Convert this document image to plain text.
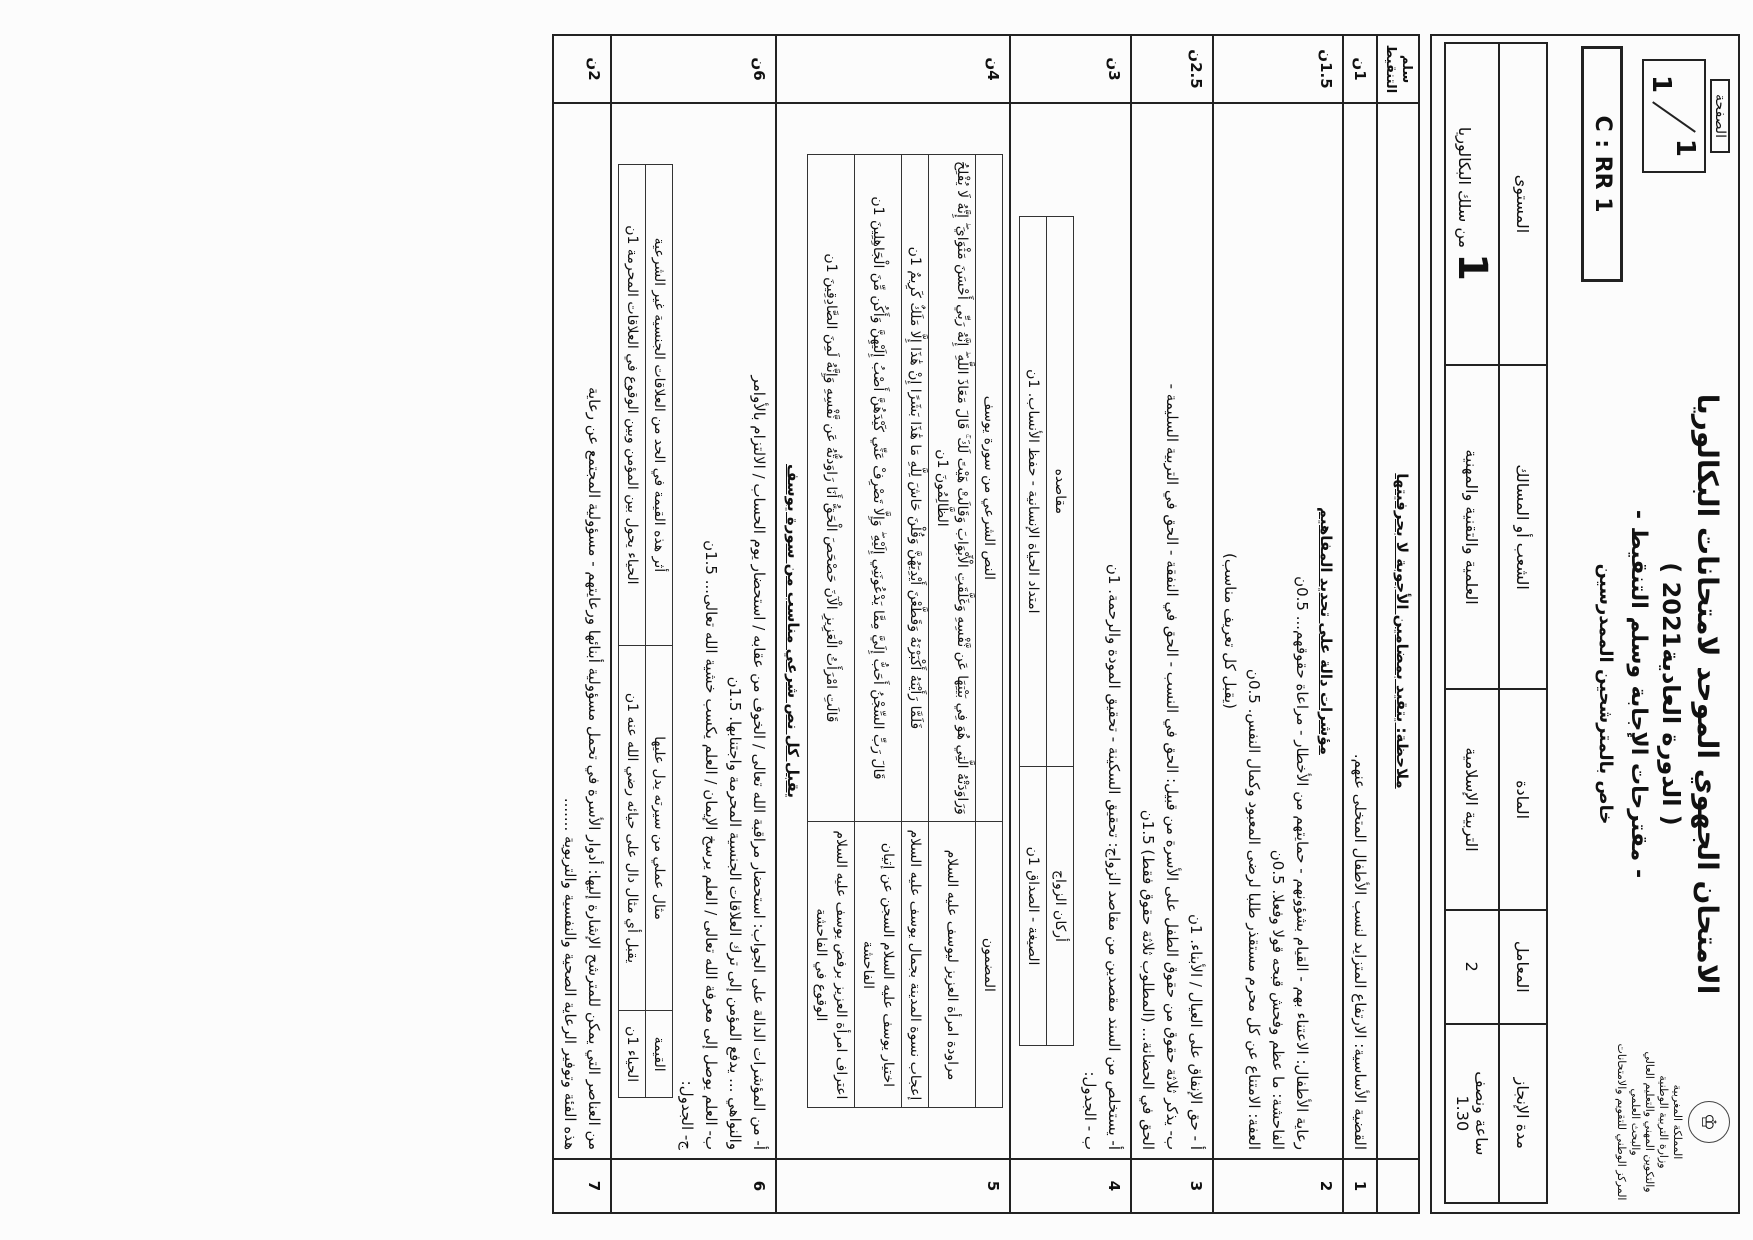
♔
المملكة المغربية
وزارة التربية الوطنية
والتكوين المهني والتعليم العالي
والبحث العلمي
المركز الوطني للتقويم والامتحانات
الامتحان الجهوي الموحد لامتحانات البكالوريا
( الدورة العادية2021 )
- مقترحات الإجابة وسلم التنقيط -
خاص بالمترشحين الممدرسين
الصفحة
1
1
C : RR 1
مدة الإنجاز	المعامل	المادة	الشعب أو المسالك	المستوى

ساعة ونصف
1.30	2	التربية الإسلامية	العلمية والتقنية والمهنية	1 من سلك البكالوريا
	ملاحظة: يتقيد بمضامين الأجوبة لا بحرفيتها	سلم التنقيط
1	
القضية الأساسية: الارتفاع المتزايد لنسب الأطفال المتخلى عنهم.
	1ن
2	
مؤشرات دالة على تحديد المفاهيم
رعاية الأطفال: الاعتناء بهم - القيام بشؤونهم - حمايتهم من الأخطار - مراعاة حقوقهم... 0.5ن
الفاحشة: ما عظم وفحش قبحه قولا وفعلا. 0.5ن
العفة: الامتناع عن كل محرم مستقذر طلبا لرضى المعبود وكمال النفس. 0.5ن
(يقبل كل تعريف مناسب)
	1.5ن
3	
أ - حق الإنفاق على العيال / الأبناء. 1ن
ب- يذكر ثلاثة حقوق من حقوق الطفل على الأسرة من قبيل: الحق في النسب - الحق في النفقة - الحق في التربية السليمة -
الحق في الحضانة... (المطلوب ثلاثة حقوق فقط) 1.5ن
	2.5ن
4	
أ- يستخلص من السند مقصدين من مقاصد الزواج: تحقيق السكينة - تحقيق المودة والرحمة. 1ن
ب - الجدول:
أركان الزواج	مقاصده
الصيغة - الصداق 1ن	امتداد الحياة الإنسانية - حفظ الأنساب. 1ن
	3ن
5	
المضمون	النص الشرعي من سورة يوسف
مراودة امرأة العزيز ليوسف عليه السلام	وَرَاوَدَتْهُ الَّتِي هُوَ فِي بَيْتِهَا عَن نَّفْسِهِ وَغَلَّقَتِ الْأَبْوَابَ وَقَالَتْ هَيْتَ لَكَ ۚ قَالَ مَعَاذَ اللَّهِ ۖ إِنَّهُ رَبِّي أَحْسَنَ مَثْوَايَ ۖ إِنَّهُ لَا يُفْلِحُ الظَّالِمُونَ 1ن
إعجاب نسوة المدينة بجمال يوسف عليه السلام	فَلَمَّا رَأَيْنَهُ أَكْبَرْنَهُ وَقَطَّعْنَ أَيْدِيَهُنَّ وَقُلْنَ حَاشَ لِلَّهِ مَا هَٰذَا بَشَرًا إِنْ هَٰذَا إِلَّا مَلَكٌ كَرِيمٌ 1ن
اختيار يوسف عليه السلام السجن عن إتيان الفاحشة	قَالَ رَبِّ السِّجْنُ أَحَبُّ إِلَيَّ مِمَّا يَدْعُونَنِي إِلَيْهِ ۖ وَإِلَّا تَصْرِفْ عَنِّي كَيْدَهُنَّ أَصْبُ إِلَيْهِنَّ وَأَكُن مِّنَ الْجَاهِلِينَ 1ن
اعتراف امرأة العزيز برفض يوسف عليه السلام الوقوع في الفاحشة	قَالَتِ امْرَأَتُ الْعَزِيزِ الْآنَ حَصْحَصَ الْحَقُّ أَنَا رَاوَدتُّهُ عَن نَّفْسِهِ وَإِنَّهُ لَمِنَ الصَّادِقِينَ 1ن
يقبل كل نص شرعي مناسب من سورة يوسف
	4ن
6	
أ- من المؤشرات الدالة على الجواب: استحضار مراقبة الله تعالى / الخوف من عقابه / استحضار يوم الحساب / الالتزام بالأوامر
والنواهي ... يدفع المؤمن إلى ترك العلاقات الجنسية المحرمة واجتنابها. 1.5ن
ب- العلم يوصل إلى معرفة الله تعالى / العلم يرسخ الإيمان / العلم يكسب خشية الله تعالى... 1.5ن
ج- الجدول:
القيمة	مثال عملي من سيرته يدل عليها	أثر هذه القيمة في الحد من العلاقات الجنسية غير الشرعية
الحياء 1ن	يقبل أي مثال دال على حيائه رضي الله عنه 1ن	الحياء يحول بين المؤمن وبين الوقوع في العلاقات المحرمة 1ن
	6ن
7	
من العناصر التي يمكن للمترشح الإشارة إليها: أدوار الأسرة في تحمل مسؤولية أبنائها ورعايتهم - مسؤولية المجتمع عن رعاية
هذه الفئة وتوفير الرعاية الصحية والنفسية والتربوية .......
	2ن
